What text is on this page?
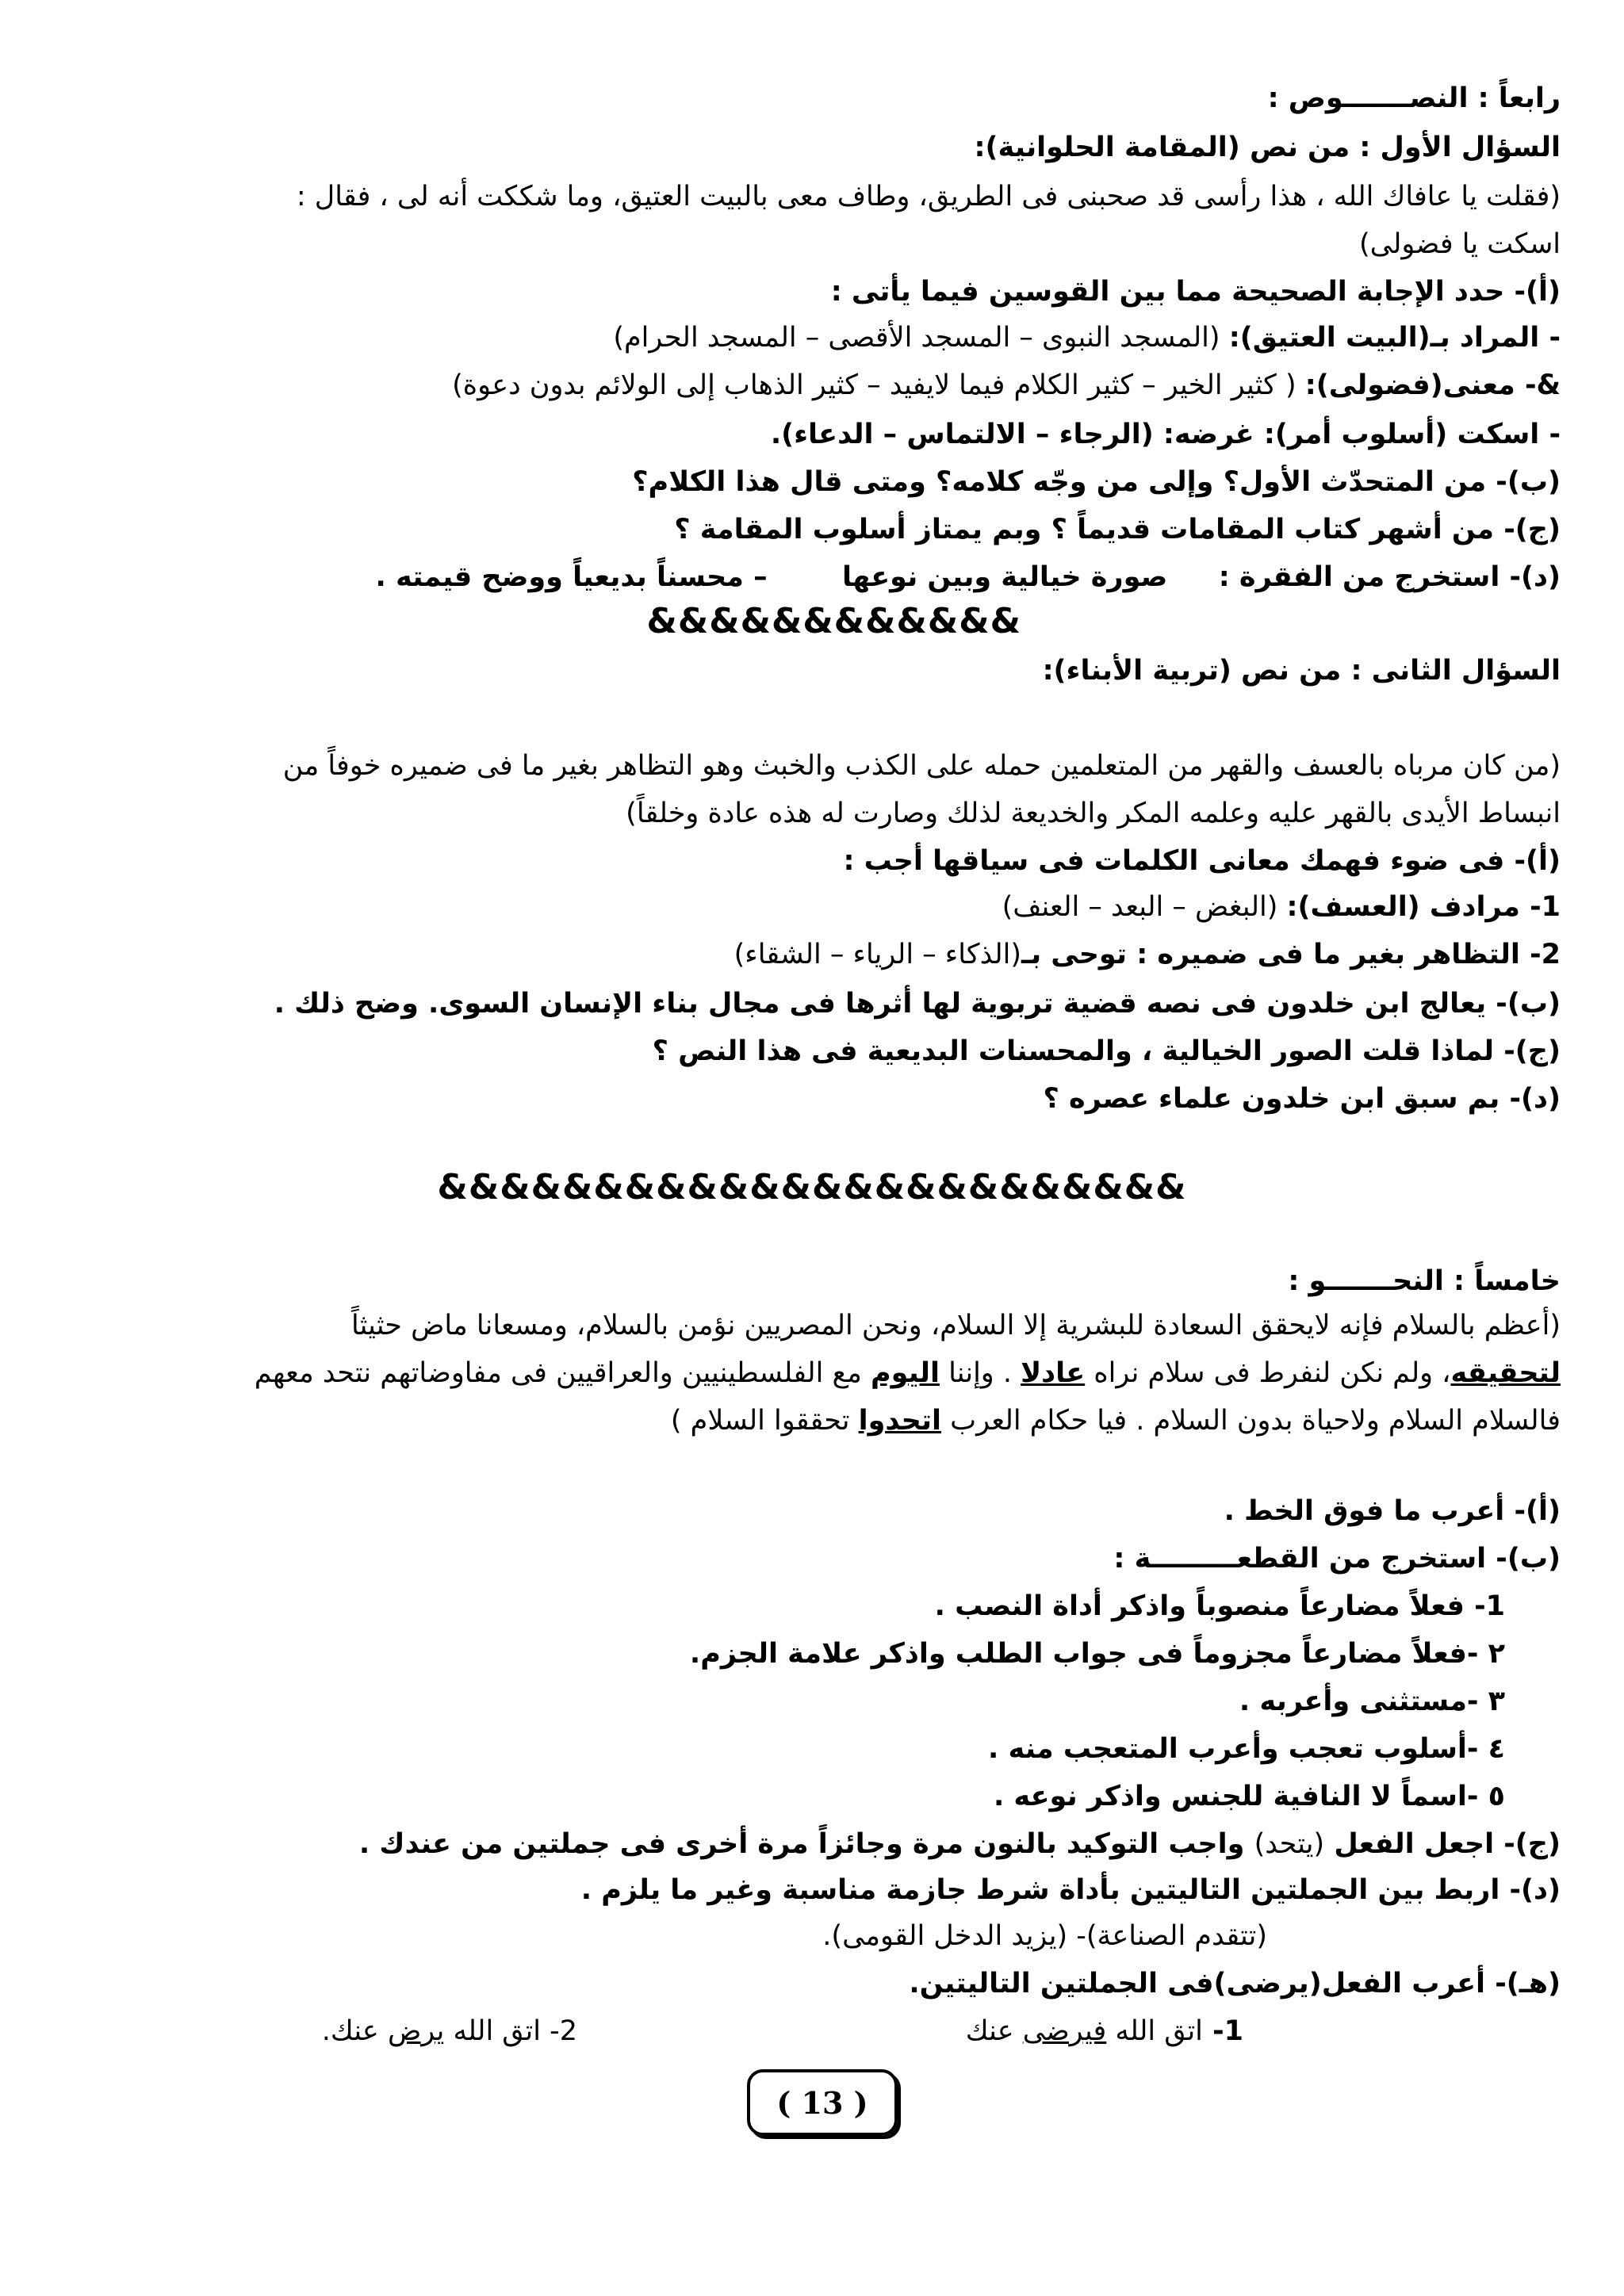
رابعاً : النصـــــــوص :
السؤال الأول : من نص (المقامة الحلوانية):
(فقلت يا عافاك الله ، هذا رأسى قد صحبنى فى الطريق، وطاف معى بالبيت العتيق، وما شككت أنه لى ، فقال :
اسكت يا فضولى)
(أ)- حدد الإجابة الصحيحة مما بين القوسين فيما يأتى :
- المراد بـ(البيت العتيق): (المسجد النبوى – المسجد الأقصى – المسجد الحرام)
&- معنى(فضولى): ( كثير الخير – كثير الكلام فيما لايفيد – كثير الذهاب إلى الولائم بدون دعوة)
- اسكت (أسلوب أمر): غرضه: (الرجاء – الالتماس – الدعاء).
(ب)- من المتحدّث الأول؟ وإلى من وجّه كلامه؟ ومتى قال هذا الكلام؟
(ج)- من أشهر كتاب المقامات قديماً ؟ وبم يمتاز أسلوب المقامة ؟
(د)- استخرج من الفقرة :  صورة خيالية وبين نوعها  – محسناً بديعياً ووضح قيمته .
&&&&&&&&&&&&
السؤال الثانى : من نص (تربية الأبناء):
(من كان مرباه بالعسف والقهر من المتعلمين حمله على الكذب والخبث وهو التظاهر بغير ما فى ضميره خوفاً من
انبساط الأيدى بالقهر عليه وعلمه المكر والخديعة لذلك وصارت له هذه عادة وخلقاً)
(أ)- فى ضوء فهمك معانى الكلمات فى سياقها أجب :
1- مرادف (العسف): (البغض – البعد – العنف)
2- التظاهر بغير ما فى ضميره : توحى بـ(الذكاء – الرياء – الشقاء)
(ب)- يعالج ابن خلدون فى نصه قضية تربوية لها أثرها فى مجال بناء الإنسان السوى. وضح ذلك .
(ج)- لماذا قلت الصور الخيالية ، والمحسنات البديعية فى هذا النص ؟
(د)- بم سبق ابن خلدون علماء عصره ؟
&&&&&&&&&&&&&&&&&&&&&&&&
خامساً : النحـــــــو :
(أعظم بالسلام فإنه لايحقق السعادة للبشرية إلا السلام، ونحن المصريين نؤمن بالسلام، ومسعانا ماض حثيثاً
لتحقيقه، ولم نكن لنفرط فى سلام نراه عادلا . وإننا اليوم مع الفلسطينيين والعراقيين فى مفاوضاتهم نتحد معهم
فالسلام السلام ولاحياة بدون السلام . فيا حكام العرب اتحدوا تحققوا السلام )
(أ)- أعرب ما فوق الخط .
(ب)- استخرج من القطعـــــــــة :
1- فعلاً مضارعاً منصوباً واذكر أداة النصب .
٢ -فعلاً مضارعاً مجزوماً فى جواب الطلب واذكر علامة الجزم.
٣ -مستثنى وأعربه .
٤ -أسلوب تعجب وأعرب المتعجب منه .
٥ -اسماً لا النافية للجنس واذكر نوعه .
(ج)- اجعل الفعل (يتحد) واجب التوكيد بالنون مرة وجائزاً مرة أخرى فى جملتين من عندك .
(د)- اربط بين الجملتين التاليتين بأداة شرط جازمة مناسبة وغير ما يلزم .
(تتقدم الصناعة)- (يزيد الدخل القومى).
(هـ)- أعرب الفعل(يرضى)فى الجملتين التاليتين.
1- اتق الله فيرضى عنك
2- اتق الله يرض عنك.
( 13 )
